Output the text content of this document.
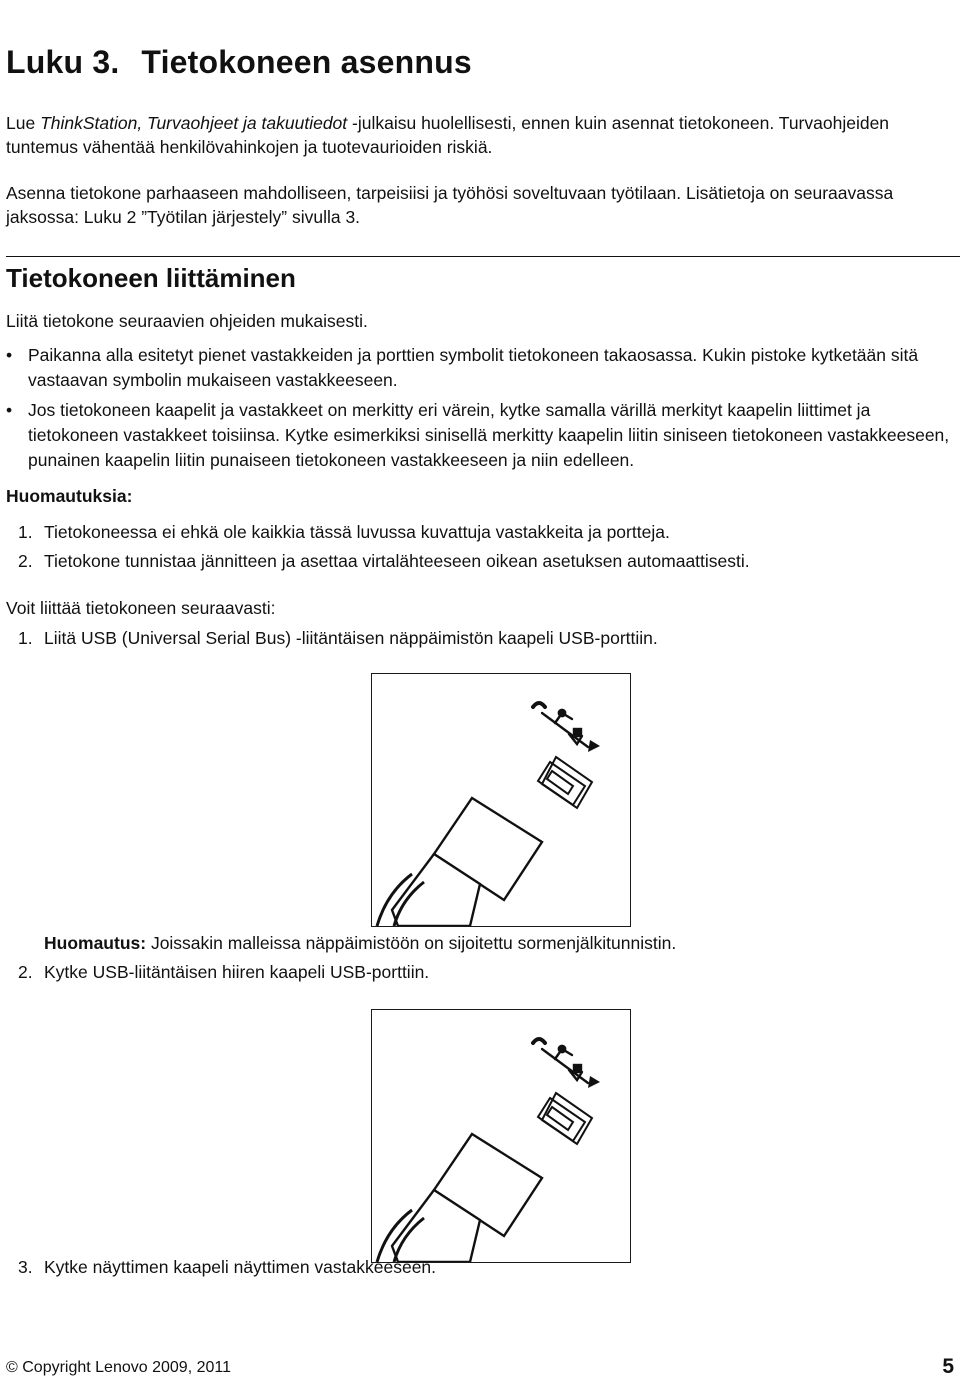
Luku 3. Tietokoneen asennus

Lue ThinkStation, Turvaohjeet ja takuutiedot -julkaisu huolellisesti, ennen kuin asennat tietokoneen. Turvaohjeiden tuntemus vähentää henkilövahinkojen ja tuotevaurioiden riskiä.

Asenna tietokone parhaaseen mahdolliseen, tarpeisiisi ja työhösi soveltuvaan työtilaan. Lisätietoja on seuraavassa jaksossa: Luku 2 ”Työtilan järjestely” sivulla 3.

Tietokoneen liittäminen

Liitä tietokone seuraavien ohjeiden mukaisesti.

• Paikanna alla esitetyt pienet vastakkeiden ja porttien symbolit tietokoneen takaosassa. Kukin pistoke kytketään sitä vastaavan symbolin mukaiseen vastakkeeseen.
• Jos tietokoneen kaapelit ja vastakkeet on merkitty eri värein, kytke samalla värillä merkityt kaapelin liittimet ja tietokoneen vastakkeet toisiinsa. Kytke esimerkiksi sinisellä merkitty kaapelin liitin siniseen tietokoneen vastakkeeseen, punainen kaapelin liitin punaiseen tietokoneen vastakkeeseen ja niin edelleen.
Huomautuksia:
1. Tietokoneessa ei ehkä ole kaikkia tässä luvussa kuvattuja vastakkeita ja portteja.
2. Tietokone tunnistaa jännitteen ja asettaa virtalähteeseen oikean asetuksen automaattisesti.

Voit liittää tietokoneen seuraavasti:

1. Liitä USB (Universal Serial Bus) -liitäntäisen näppäimistön kaapeli USB-porttiin.
Huomautus: Joissakin malleissa näppäimistöön on sijoitettu sormenjälkitunnistin.
2. Kytke USB-liitäntäisen hiiren kaapeli USB-porttiin.
3. Kytke näyttimen kaapeli näyttimen vastakkeeseen.
© Copyright Lenovo 2009, 2011	5
